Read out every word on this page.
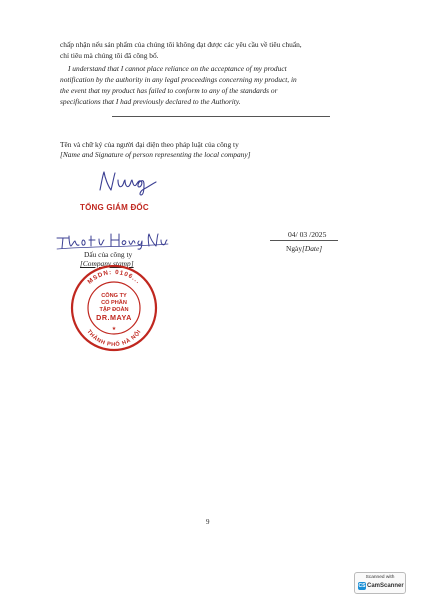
chấp nhận nếu sản phẩm của chúng tôi không đạt được các yêu cầu về tiêu chuẩn,
chỉ tiêu mà chúng tôi đã công bố.
I understand that I cannot place reliance on the acceptance of my product
notification by the authority in any legal proceedings concerning my product, in
the event that my product has failed to conform to any of the standards or
specifications that I had previously declared to the Authority.
Tên và chữ ký của người đại diện theo pháp luật của công ty
[Name and Signature of person representing the local company]
TỔNG GIÁM ĐỐC
Dấu của công ty
[Company stamp]
MSDN: 0106...
THÀNH PHỐ HÀ NỘI
CÔNG TY
CỔ PHẦN
TẬP ĐOÀN
DR.MAYA
★
04/ 03 /2025
Ngày[Date]
9
Scanned with
CS CamScanner
